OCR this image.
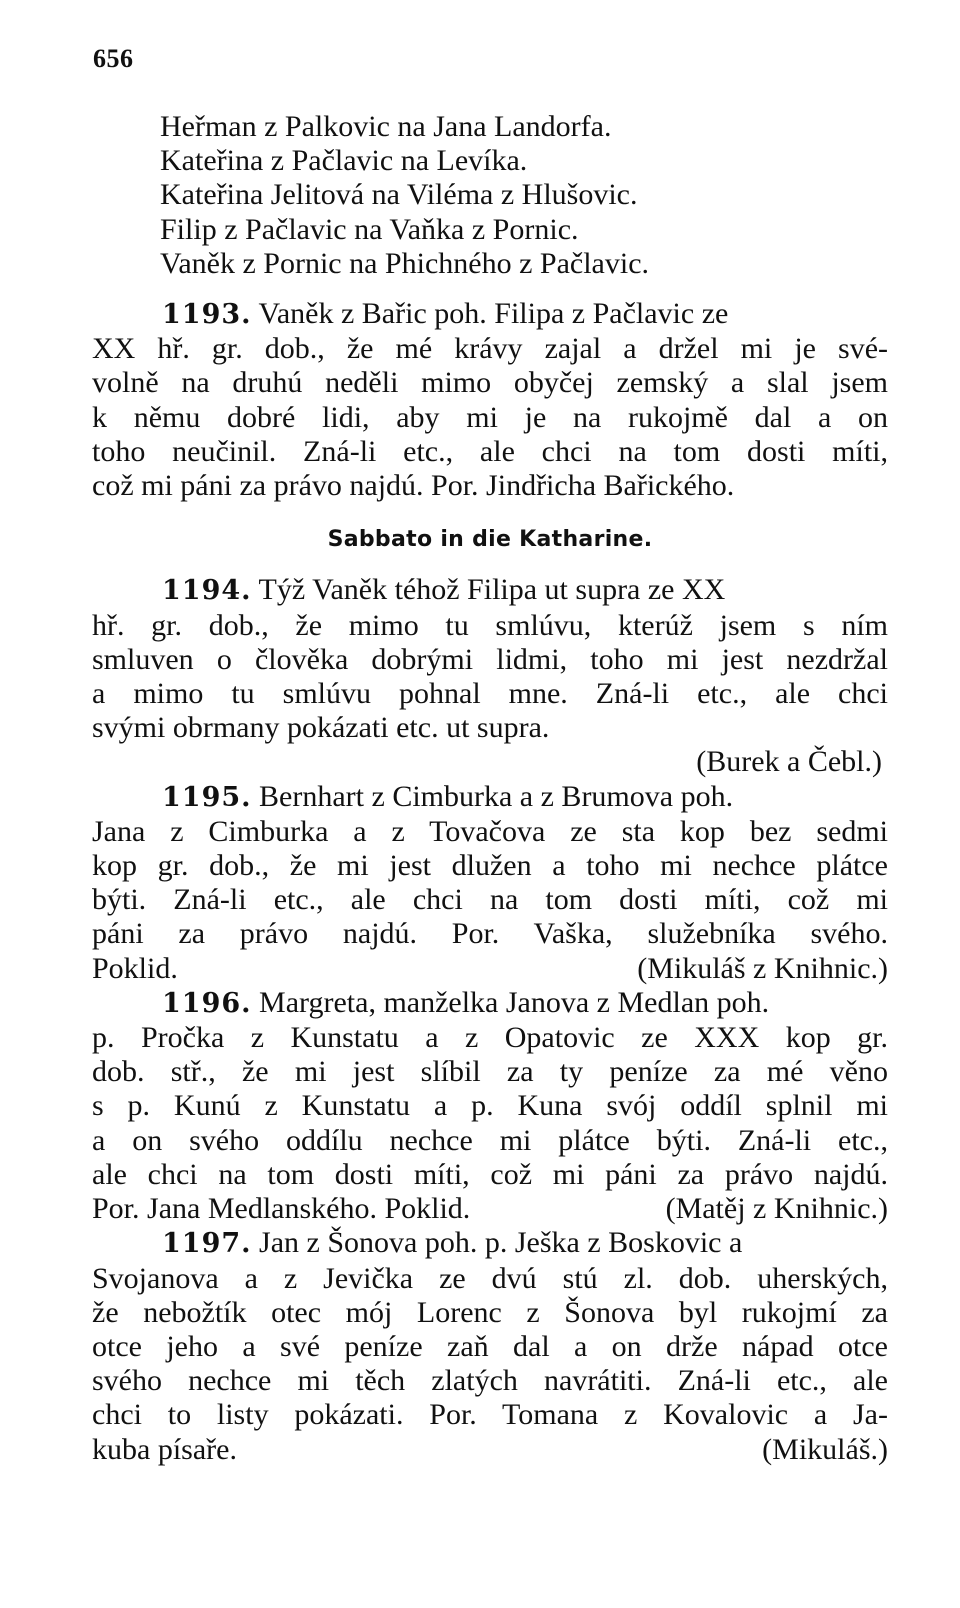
656
Heřman z Palkovic na Jana Landorfa.
Kateřina z Pačlavic na Levíka.
Kateřina Jelitová na Viléma z Hlušovic.
Filip z Pačlavic na Vaňka z Pornic.
Vaněk z Pornic na Phichného z Pačlavic.
1193. Vaněk z Bařic poh. Filipa z Pačlavic ze
XX hř. gr. dob., že mé krávy zajal a držel mi je své-
volně na druhú neděli mimo obyčej zemský a slal jsem
k němu dobré lidi, aby mi je na rukojmě dal a on
toho neučinil. Zná-li etc., ale chci na tom dosti míti,
což mi páni za právo najdú. Por. Jindřicha Bařického.
Sabbato in die Katharine.
1194. Týž Vaněk téhož Filipa ut supra ze XX
hř. gr. dob., že mimo tu smlúvu, kterúž jsem s ním
smluven o člověka dobrými lidmi, toho mi jest nezdržal
a mimo tu smlúvu pohnal mne. Zná-li etc., ale chci
svými obrmany pokázati etc. ut supra.
(Burek a Čebl.)
1195. Bernhart z Cimburka a z Brumova poh.
Jana z Cimburka a z Tovačova ze sta kop bez sedmi
kop gr. dob., že mi jest dlužen a toho mi nechce plátce
býti. Zná-li etc., ale chci na tom dosti míti, což mi
páni za právo najdú. Por. Vaška, služebníka svého.
Poklid.	(Mikuláš z Knihnic.)
1196. Margreta, manželka Janova z Medlan poh.
p. Pročka z Kunstatu a z Opatovic ze XXX kop gr.
dob. stř., že mi jest slíbil za ty peníze za mé věno
s p. Kunú z Kunstatu a p. Kuna svój oddíl splnil mi
a on svého oddílu nechce mi plátce býti. Zná-li etc.,
ale chci na tom dosti míti, což mi páni za právo najdú.
Por. Jana Medlanského. Poklid.	(Matěj z Knihnic.)
1197. Jan z Šonova poh. p. Ješka z Boskovic a
Svojanova a z Jevička ze dvú stú zl. dob. uherských,
že nebožtík otec mój Lorenc z Šonova byl rukojmí za
otce jeho a své peníze zaň dal a on drže nápad otce
svého nechce mi těch zlatých navrátiti. Zná-li etc., ale
chci to listy pokázati. Por. Tomana z Kovalovic a Ja-
kuba písaře.	(Mikuláš.)
